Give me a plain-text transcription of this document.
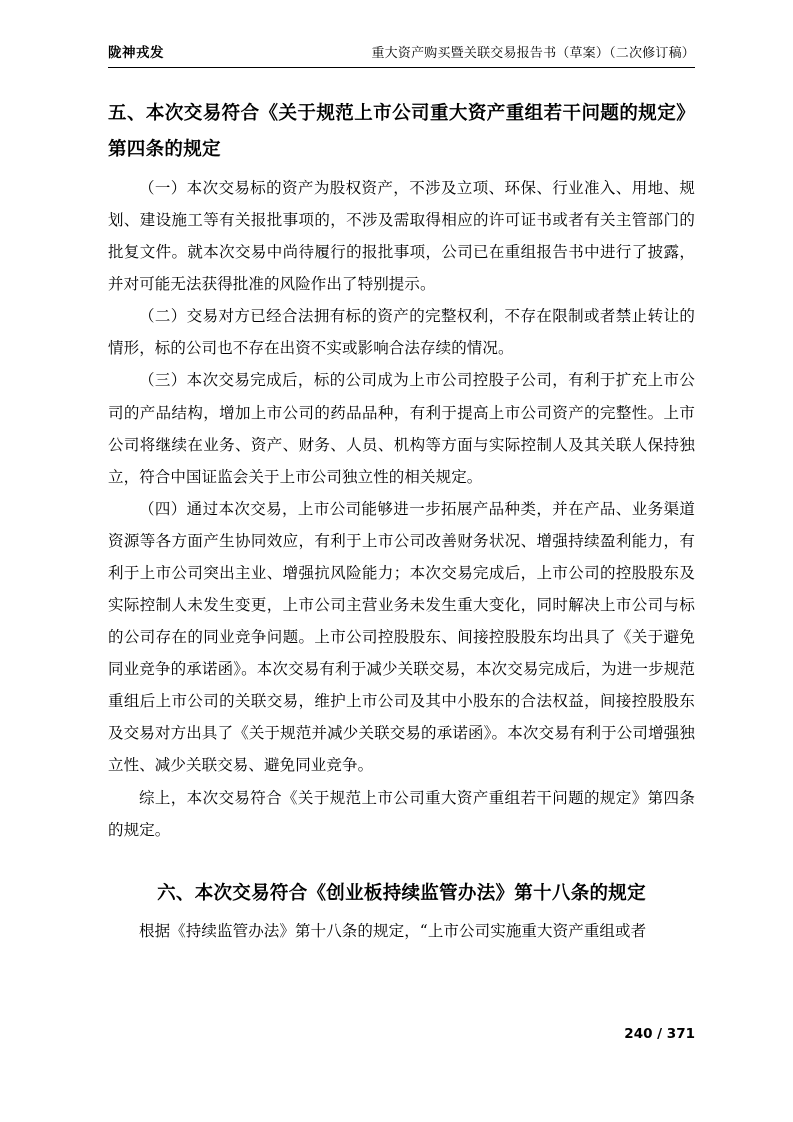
陇神戎发	重大资产购买暨关联交易报告书（草案）（二次修订稿）
五、本次交易符合《关于规范上市公司重大资产重组若干问题的规定》第四条的规定

（一）本次交易标的资产为股权资产，不涉及立项、环保、行业准入、用地、规划、建设施工等有关报批事项的，不涉及需取得相应的许可证书或者有关主管部门的批复文件。就本次交易中尚待履行的报批事项，公司已在重组报告书中进行了披露，并对可能无法获得批准的风险作出了特别提示。

（二）交易对方已经合法拥有标的资产的完整权利，不存在限制或者禁止转让的情形，标的公司也不存在出资不实或影响合法存续的情况。

（三）本次交易完成后，标的公司成为上市公司控股子公司，有利于扩充上市公司的产品结构，增加上市公司的药品品种，有利于提高上市公司资产的完整性。上市公司将继续在业务、资产、财务、人员、机构等方面与实际控制人及其关联人保持独立，符合中国证监会关于上市公司独立性的相关规定。

（四）通过本次交易，上市公司能够进一步拓展产品种类，并在产品、业务渠道资源等各方面产生协同效应，有利于上市公司改善财务状况、增强持续盈利能力，有利于上市公司突出主业、增强抗风险能力；本次交易完成后，上市公司的控股股东及实际控制人未发生变更，上市公司主营业务未发生重大变化，同时解决上市公司与标的公司存在的同业竞争问题。上市公司控股股东、间接控股股东均出具了《关于避免同业竞争的承诺函》。本次交易有利于减少关联交易，本次交易完成后，为进一步规范重组后上市公司的关联交易，维护上市公司及其中小股东的合法权益，间接控股股东及交易对方出具了《关于规范并减少关联交易的承诺函》。本次交易有利于公司增强独立性、减少关联交易、避免同业竞争。

综上，本次交易符合《关于规范上市公司重大资产重组若干问题的规定》第四条的规定。

六、本次交易符合《创业板持续监管办法》第十八条的规定

根据《持续监管办法》第十八条的规定，“上市公司实施重大资产重组或者

240 / 371
